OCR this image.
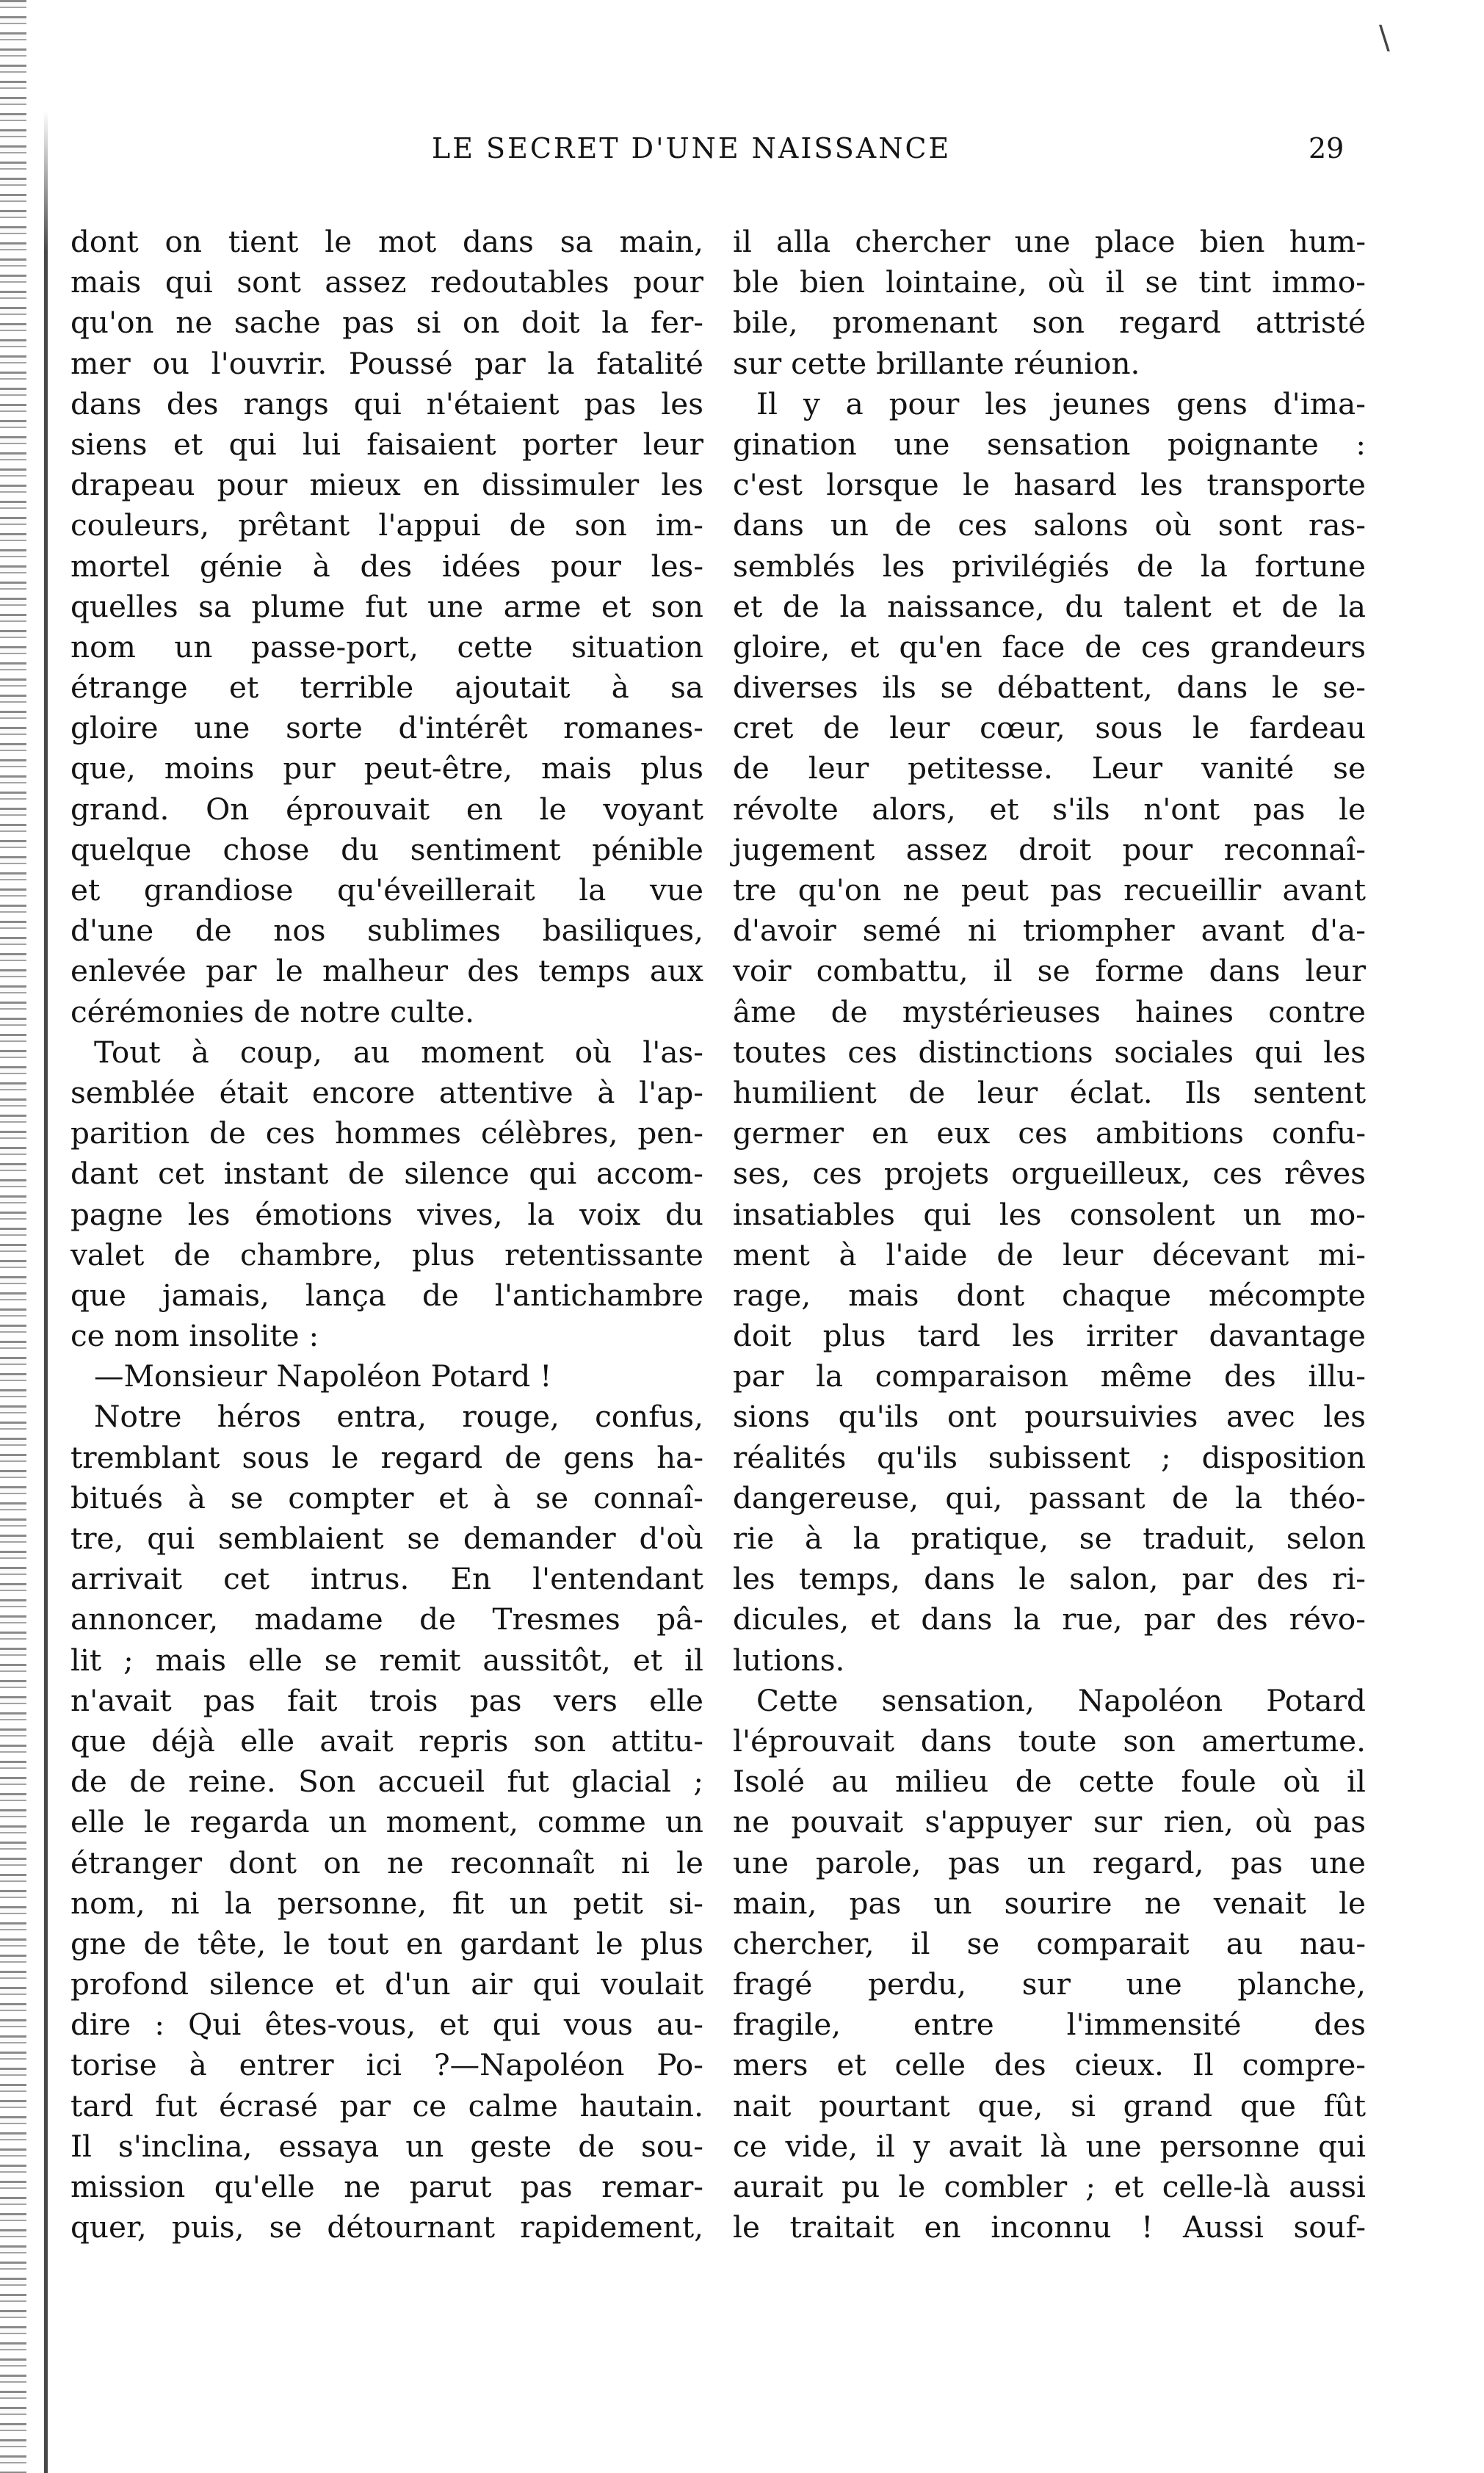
\
LE SECRET D'UNE NAISSANCE	29
dont on tient le mot dans sa main,
mais qui sont assez redoutables pour
qu'on ne sache pas si on doit la fer-
mer ou l'ouvrir. Poussé par la fatalité
dans des rangs qui n'étaient pas les
siens et qui lui faisaient porter leur
drapeau pour mieux en dissimuler les
couleurs, prêtant l'appui de son im-
mortel génie à des idées pour les-
quelles sa plume fut une arme et son
nom un passe-port, cette situation
étrange et terrible ajoutait à sa
gloire une sorte d'intérêt romanes-
que, moins pur peut-être, mais plus
grand. On éprouvait en le voyant
quelque chose du sentiment pénible
et grandiose qu'éveillerait la vue
d'une de nos sublimes basiliques,
enlevée par le malheur des temps aux
cérémonies de notre culte.
Tout à coup, au moment où l'as-
semblée était encore attentive à l'ap-
parition de ces hommes célèbres, pen-
dant cet instant de silence qui accom-
pagne les émotions vives, la voix du
valet de chambre, plus retentissante
que jamais, lança de l'antichambre
ce nom insolite :
—Monsieur Napoléon Potard !
Notre héros entra, rouge, confus,
tremblant sous le regard de gens ha-
bitués à se compter et à se connaî-
tre, qui semblaient se demander d'où
arrivait cet intrus. En l'entendant
annoncer, madame de Tresmes pâ-
lit ; mais elle se remit aussitôt, et il
n'avait pas fait trois pas vers elle
que déjà elle avait repris son attitu-
de de reine. Son accueil fut glacial ;
elle le regarda un moment, comme un
étranger dont on ne reconnaît ni le
nom, ni la personne, fit un petit si-
gne de tête, le tout en gardant le plus
profond silence et d'un air qui voulait
dire : Qui êtes-vous, et qui vous au-
torise à entrer ici ?—Napoléon Po-
tard fut écrasé par ce calme hautain.
Il s'inclina, essaya un geste de sou-
mission qu'elle ne parut pas remar-
quer, puis, se détournant rapidement,
il alla chercher une place bien hum-
ble bien lointaine, où il se tint immo-
bile, promenant son regard attristé
sur cette brillante réunion.
Il y a pour les jeunes gens d'ima-
gination une sensation poignante :
c'est lorsque le hasard les transporte
dans un de ces salons où sont ras-
semblés les privilégiés de la fortune
et de la naissance, du talent et de la
gloire, et qu'en face de ces grandeurs
diverses ils se débattent, dans le se-
cret de leur cœur, sous le fardeau
de leur petitesse. Leur vanité se
révolte alors, et s'ils n'ont pas le
jugement assez droit pour reconnaî-
tre qu'on ne peut pas recueillir avant
d'avoir semé ni triompher avant d'a-
voir combattu, il se forme dans leur
âme de mystérieuses haines contre
toutes ces distinctions sociales qui les
humilient de leur éclat. Ils sentent
germer en eux ces ambitions confu-
ses, ces projets orgueilleux, ces rêves
insatiables qui les consolent un mo-
ment à l'aide de leur décevant mi-
rage, mais dont chaque mécompte
doit plus tard les irriter davantage
par la comparaison même des illu-
sions qu'ils ont poursuivies avec les
réalités qu'ils subissent ; disposition
dangereuse, qui, passant de la théo-
rie à la pratique, se traduit, selon
les temps, dans le salon, par des ri-
dicules, et dans la rue, par des révo-
lutions.
Cette sensation, Napoléon Potard
l'éprouvait dans toute son amertume.
Isolé au milieu de cette foule où il
ne pouvait s'appuyer sur rien, où pas
une parole, pas un regard, pas une
main, pas un sourire ne venait le
chercher, il se comparait au nau-
fragé perdu, sur une planche,
fragile, entre l'immensité des
mers et celle des cieux. Il compre-
nait pourtant que, si grand que fût
ce vide, il y avait là une personne qui
aurait pu le combler ; et celle-là aussi
le traitait en inconnu ! Aussi souf-
